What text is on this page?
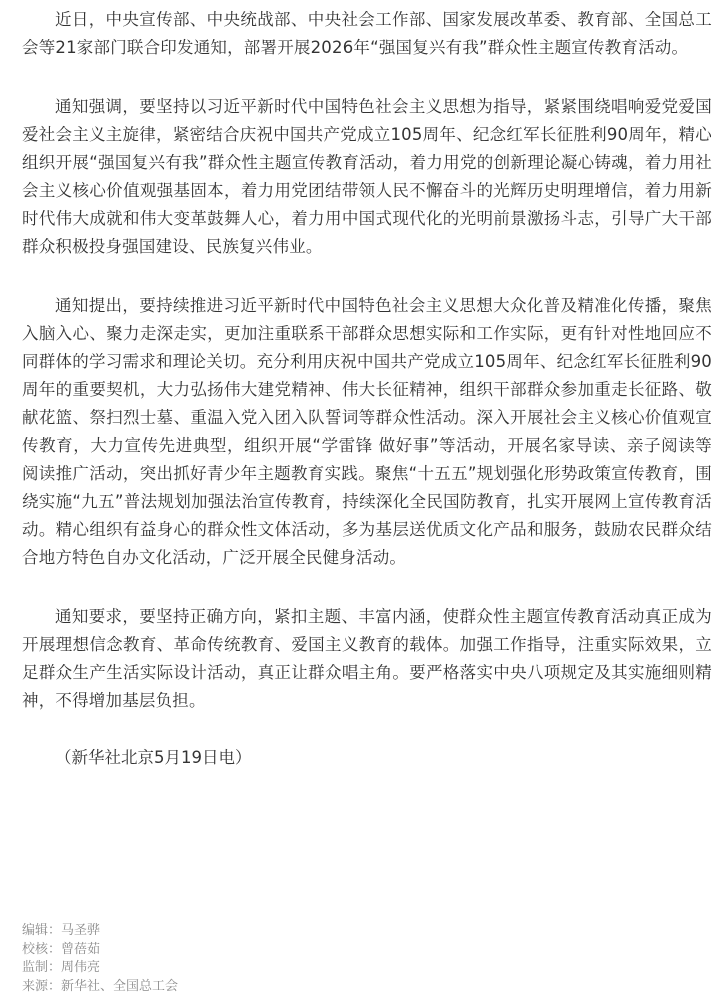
近日，中央宣传部、中央统战部、中央社会工作部、国家发展改革委、教育部、全国总工会等21家部门联合印发通知，部署开展2026年“强国复兴有我”群众性主题宣传教育活动。

通知强调，要坚持以习近平新时代中国特色社会主义思想为指导，紧紧围绕唱响爱党爱国爱社会主义主旋律，紧密结合庆祝中国共产党成立105周年、纪念红军长征胜利90周年，精心组织开展“强国复兴有我”群众性主题宣传教育活动，着力用党的创新理论凝心铸魂，着力用社会主义核心价值观强基固本，着力用党团结带领人民不懈奋斗的光辉历史明理增信，着力用新时代伟大成就和伟大变革鼓舞人心，着力用中国式现代化的光明前景激扬斗志，引导广大干部群众积极投身强国建设、民族复兴伟业。

通知提出，要持续推进习近平新时代中国特色社会主义思想大众化普及精准化传播，聚焦入脑入心、聚力走深走实，更加注重联系干部群众思想实际和工作实际，更有针对性地回应不同群体的学习需求和理论关切。充分利用庆祝中国共产党成立105周年、纪念红军长征胜利90周年的重要契机，大力弘扬伟大建党精神、伟大长征精神，组织干部群众参加重走长征路、敬献花篮、祭扫烈士墓、重温入党入团入队誓词等群众性活动。深入开展社会主义核心价值观宣传教育，大力宣传先进典型，组织开展“学雷锋 做好事”等活动，开展名家导读、亲子阅读等阅读推广活动，突出抓好青少年主题教育实践。聚焦“十五五”规划强化形势政策宣传教育，围绕实施“九五”普法规划加强法治宣传教育，持续深化全民国防教育，扎实开展网上宣传教育活动。精心组织有益身心的群众性文体活动，多为基层送优质文化产品和服务，鼓励农民群众结合地方特色自办文化活动，广泛开展全民健身活动。

通知要求，要坚持正确方向，紧扣主题、丰富内涵，使群众性主题宣传教育活动真正成为开展理想信念教育、革命传统教育、爱国主义教育的载体。加强工作指导，注重实际效果，立足群众生产生活实际设计活动，真正让群众唱主角。要严格落实中央八项规定及其实施细则精神，不得增加基层负担。

（新华社北京5月19日电）

编辑：马圣骅
校核：曾蓓茹
监制：周伟亮
来源：新华社、全国总工会
